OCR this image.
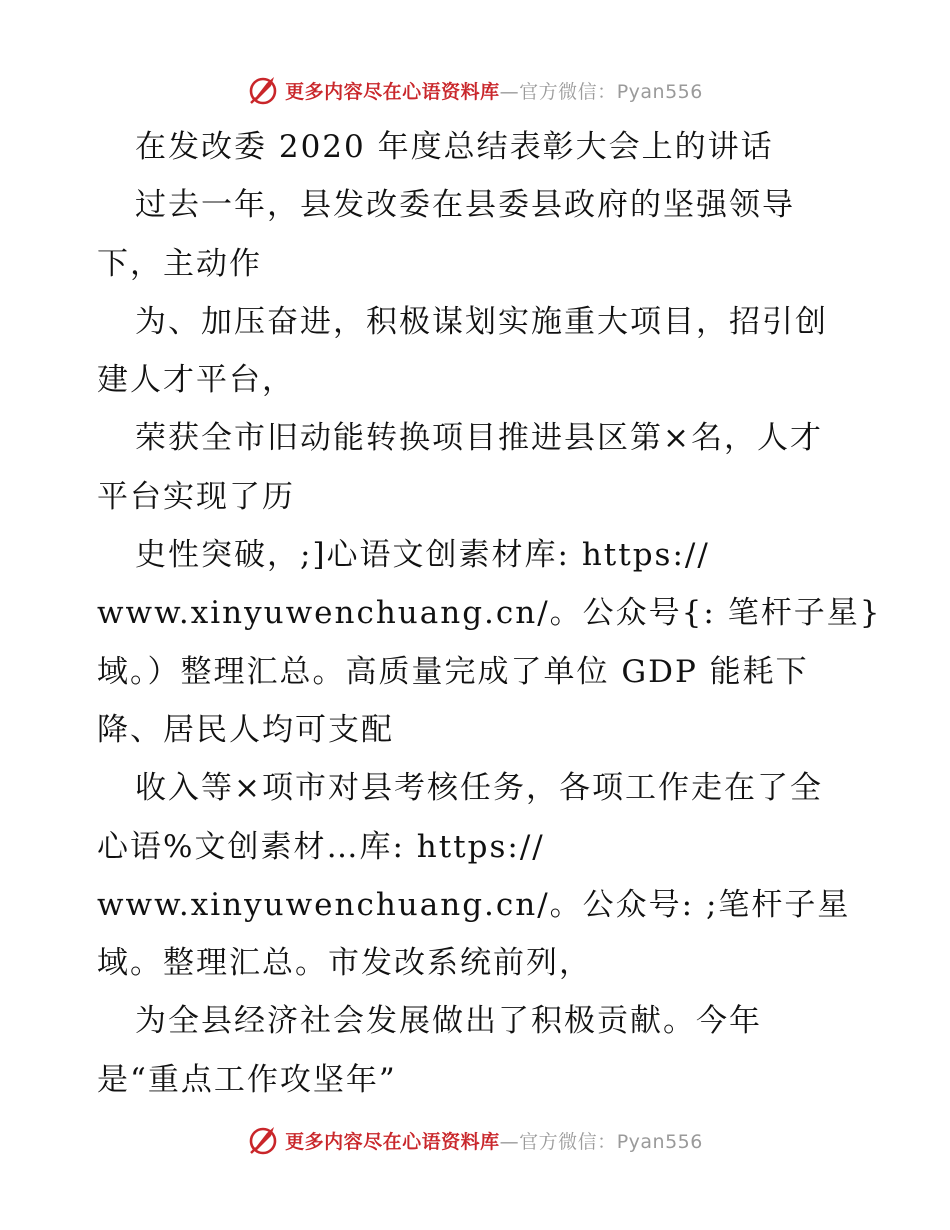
更多内容尽在心语资料库—官方微信：Pyan556
在发改委 2020 年度总结表彰大会上的讲话
过去一年，县发改委在县委县政府的坚强领导
下，主动作
为、加压奋进，积极谋划实施重大项目，招引创
建人才平台，
荣获全市旧动能转换项目推进县区第×名，人才
平台实现了历
史性突破，;]心语文创素材库: https://
www.xinyuwenchuang.cn/。公众号{: 笔杆子星}
域。）整理汇总。高质量完成了单位 GDP 能耗下
降、居民人均可支配
收入等×项市对县考核任务，各项工作走在了全
心语%文创素材…库: https://
www.xinyuwenchuang.cn/。公众号: ;笔杆子星
域。整理汇总。市发改系统前列，
为全县经济社会发展做出了积极贡献。今年
是“重点工作攻坚年”
更多内容尽在心语资料库—官方微信：Pyan556
